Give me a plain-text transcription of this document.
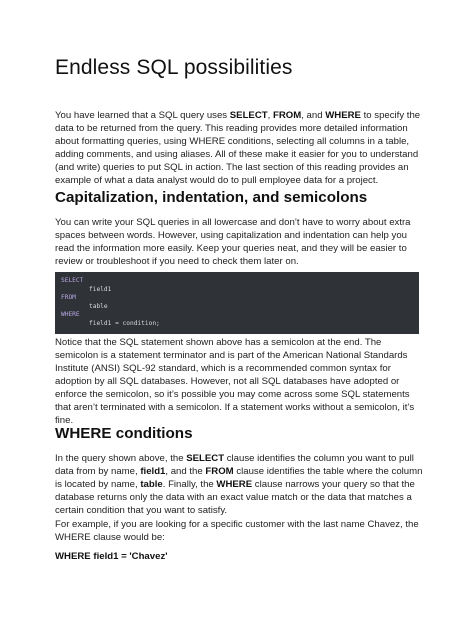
Endless SQL possibilities

You have learned that a SQL query uses SELECT, FROM, and WHERE to specify the data to be returned from the query. This reading provides more detailed information about formatting queries, using WHERE conditions, selecting all columns in a table, adding comments, and using aliases. All of these make it easier for you to understand (and write) queries to put SQL in action. The last section of this reading provides an example of what a data analyst would do to pull employee data for a project.

Capitalization, indentation, and semicolons

You can write your SQL queries in all lowercase and don’t have to worry about extra spaces between words. However, using capitalization and indentation can help you read the information more easily. Keep your queries neat, and they will be easier to review or troubleshoot if you need to check them later on.

SELECT
field1
FROM
table
WHERE
field1 = condition;

Notice that the SQL statement shown above has a semicolon at the end. The semicolon is a statement terminator and is part of the American National Standards Institute (ANSI) SQL-92 standard, which is a recommended common syntax for adoption by all SQL databases. However, not all SQL databases have adopted or enforce the semicolon, so it’s possible you may come across some SQL statements that aren’t terminated with a semicolon. If a statement works without a semicolon, it’s fine.

WHERE conditions

In the query shown above, the SELECT clause identifies the column you want to pull data from by name, field1, and the FROM clause identifies the table where the column is located by name, table. Finally, the WHERE clause narrows your query so that the database returns only the data with an exact value match or the data that matches a certain condition that you want to satisfy.

For example, if you are looking for a specific customer with the last name Chavez, the WHERE clause would be:

WHERE field1 = 'Chavez'
